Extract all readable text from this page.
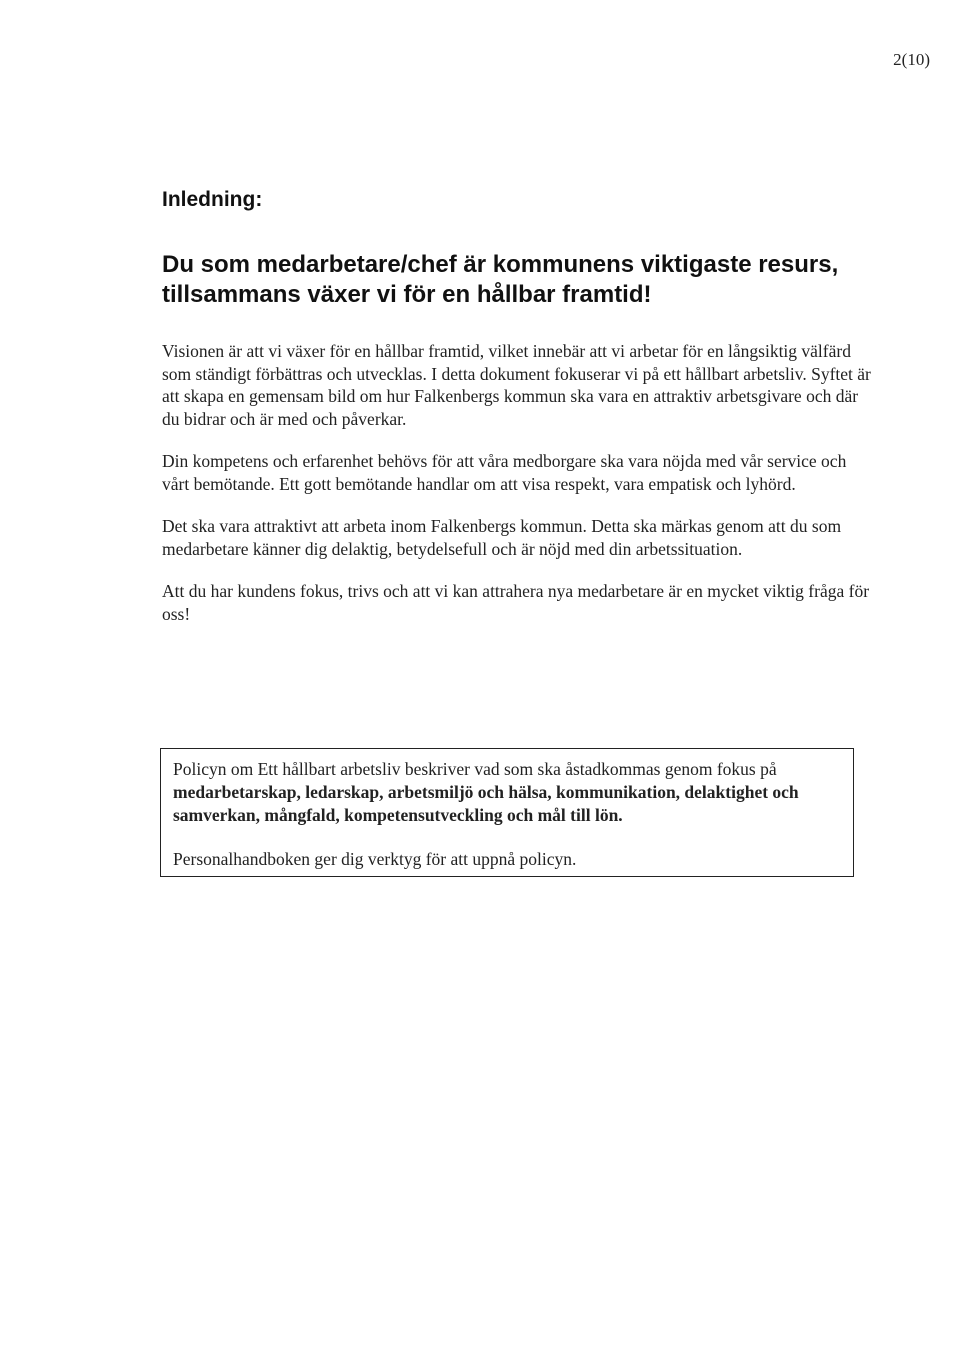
2(10)
Inledning:
Du som medarbetare/chef är kommunens viktigaste resurs, tillsammans växer vi för en hållbar framtid!

Visionen är att vi växer för en hållbar framtid, vilket innebär att vi arbetar för en långsiktig välfärd som ständigt förbättras och utvecklas. I detta dokument fokuserar vi på ett hållbart arbetsliv. Syftet är att skapa en gemensam bild om hur Falkenbergs kommun ska vara en attraktiv arbetsgivare och där du bidrar och är med och påverkar.

Din kompetens och erfarenhet behövs för att våra medborgare ska vara nöjda med vår service och vårt bemötande. Ett gott bemötande handlar om att visa respekt, vara empatisk och lyhörd.

Det ska vara attraktivt att arbeta inom Falkenbergs kommun. Detta ska märkas genom att du som medarbetare känner dig delaktig, betydelsefull och är nöjd med din arbetssituation.

Att du har kundens fokus, trivs och att vi kan attrahera nya medarbetare är en mycket viktig fråga för oss!

Policyn om Ett hållbart arbetsliv beskriver vad som ska åstadkommas genom fokus på medarbetarskap, ledarskap, arbetsmiljö och hälsa, kommunikation, delaktighet och samverkan, mångfald, kompetensutveckling och mål till lön.

Personalhandboken ger dig verktyg för att uppnå policyn.
